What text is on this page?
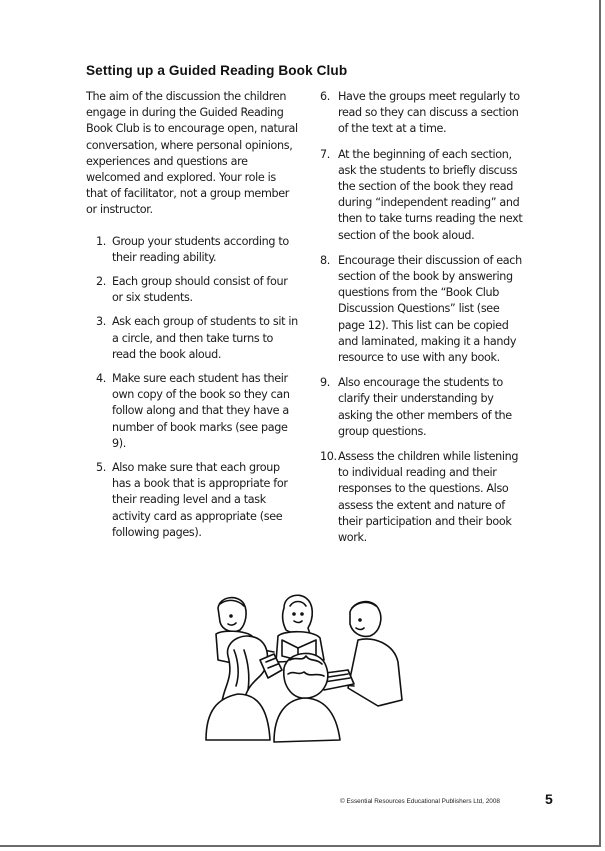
Setting up a Guided Reading Book Club

The aim of the discussion the children engage in during the Guided Reading Book Club is to encourage open, natural conversation, where personal opinions, experiences and questions are welcomed and explored. Your role is that of facilitator, not a group member or instructor.

1. Group your students according to their reading ability.
2. Each group should consist of four or six students.
3. Ask each group of students to sit in a circle, and then take turns to read the book aloud.
4. Make sure each student has their own copy of the book so they can follow along and that they have a number of book marks (see page 9).
5. Also make sure that each group has a book that is appropriate for their reading level and a task activity card as appropriate (see following pages).
6. Have the groups meet regularly to read so they can discuss a section of the text at a time.
7. At the beginning of each section, ask the students to briefly discuss the section of the book they read during “independent reading” and then to take turns reading the next section of the book aloud.
8. Encourage their discussion of each section of the book by answering questions from the “Book Club Discussion Questions” list (see page 12). This list can be copied and laminated, making it a handy resource to use with any book.
9. Also encourage the students to clarify their understanding by asking the other members of the group questions.
10. Assess the children while listening to individual reading and their responses to the questions. Also assess the extent and nature of their participation and their book work.
© Essential Resources Educational Publishers Ltd, 2008	5
